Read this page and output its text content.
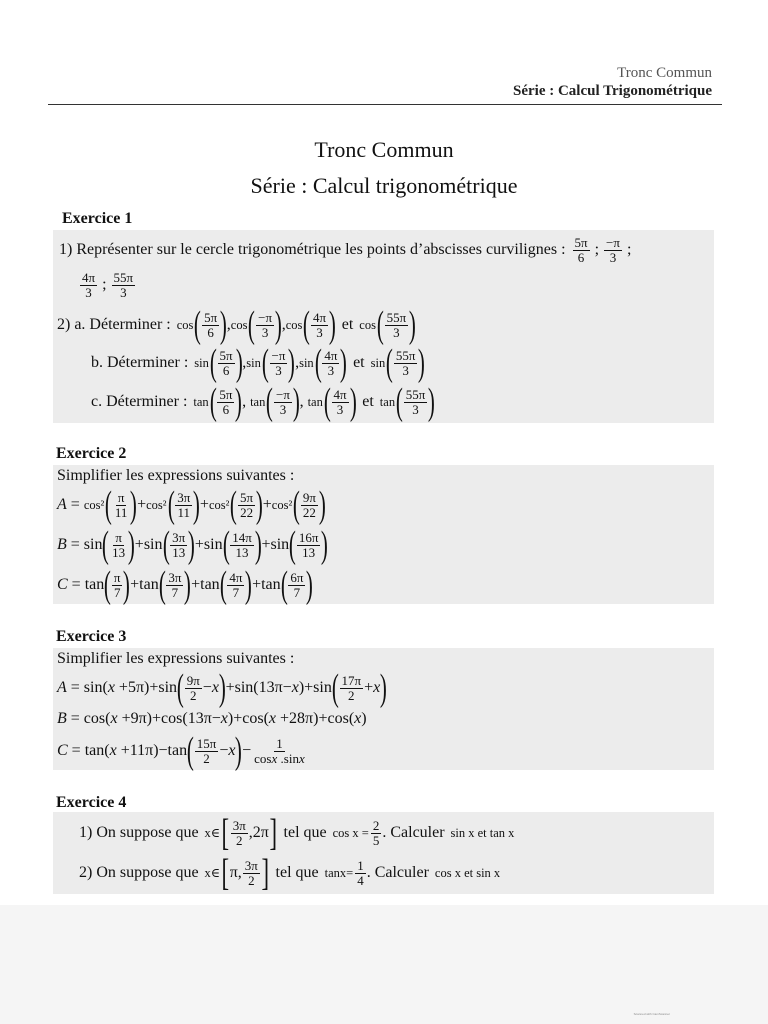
Tronc Commun
Série : Calcul Trigonométrique
Tronc Commun
Série : Calcul trigonométrique
Exercice 1
1) Représenter sur le cercle trigonométrique les points d’abscisses curvilignes : $\frac{5\pi}{6}$ ; $\frac{-\pi}{3}$ ;
$\frac{4\pi}{3}$ ; $\frac{55\pi}{3}$
2) a. Déterminer : cos ( $\frac{5\pi}{6}$ ) , cos ( $\frac{-\pi}{3}$ ) , cos ( $\frac{4\pi}{3}$ ) et cos ( $\frac{55\pi}{3}$ )
b. Déterminer : sin ( $\frac{5\pi}{6}$ ) , sin ( $\frac{-\pi}{3}$ ) , sin ( $\frac{4\pi}{3}$ ) et sin ( $\frac{55\pi}{3}$ )
c. Déterminer : tan ( $\frac{5\pi}{6}$ ) , tan ( $\frac{-\pi}{3}$ ) , tan ( $\frac{4\pi}{3}$ ) et tan ( $\frac{55\pi}{3}$ )
Exercice 2
Simplifier les expressions suivantes :
A = cos² ( $\frac{\pi}{11}$ ) + cos² ( $\frac{3\pi}{11}$ ) + cos² ( $\frac{5\pi}{22}$ ) + cos² ( $\frac{9\pi}{22}$ )
B = sin ( $\frac{\pi}{13}$ ) +sin ( $\frac{3\pi}{13}$ ) +sin ( $\frac{14\pi}{13}$ ) +sin ( $\frac{16\pi}{13}$ )
C = tan ( $\frac{\pi}{7}$ ) +tan ( $\frac{3\pi}{7}$ ) +tan ( $\frac{4\pi}{7}$ ) +tan ( $\frac{6\pi}{7}$ )
Exercice 3
Simplifier les expressions suivantes :
A = sin( x +5π)+sin ( $\frac{9\pi}{2} - x$ ) +sin(13π− x )+sin ( $\frac{17\pi}{2} + x$ )
B = cos( x +9π)+cos(13π− x )+cos( x +28π)+cos( x )
C = tan( x +11π)−tan ( $\frac{15\pi}{2} - x$ ) − $\frac{1}{\cos x .\sin x}$
Exercice 4
1) On suppose que x∈ [ $\frac{3\pi}{2} ,2\pi$ ] tel que $\cos x = \frac{2}{5}$ . Calculer sin x et tan x
2) On suppose que x∈ [ π, $\frac{3\pi}{2}$ ] tel que $\tan x= \frac{1}{4}$ . Calculer cos x et sin x
Scanned with CamScanner
